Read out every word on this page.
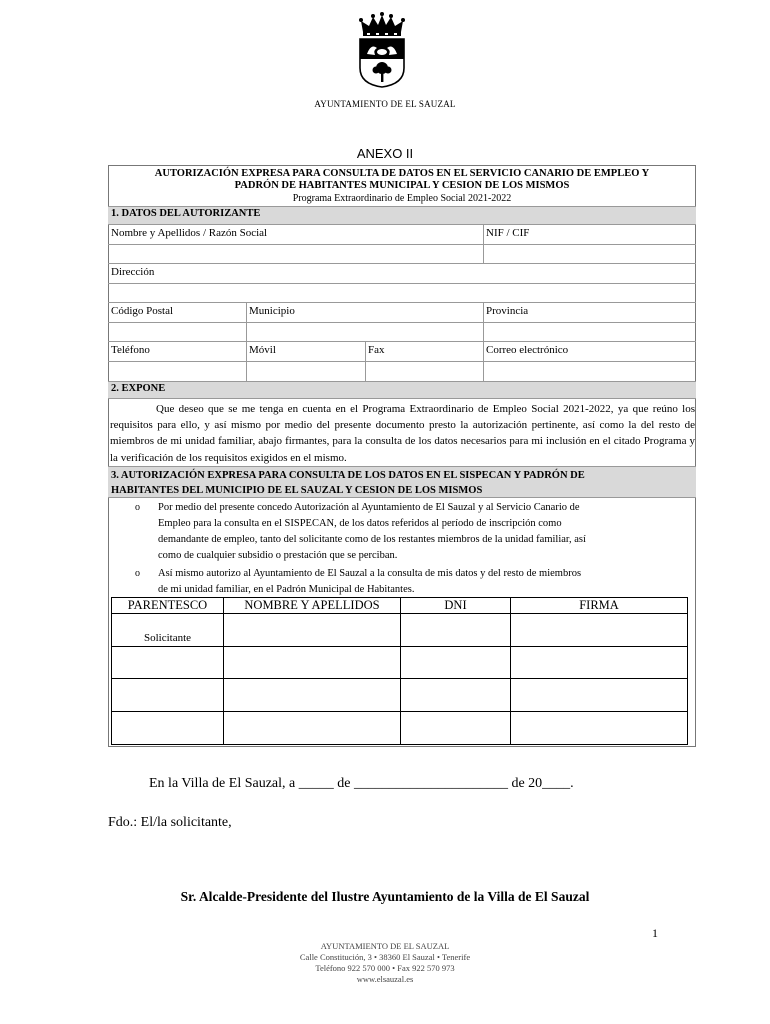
AYUNTAMIENTO DE EL SAUZAL
ANEXO II
AUTORIZACIÓN EXPRESA PARA CONSULTA DE DATOS EN EL SERVICIO CANARIO DE EMPLEO Y
PADRÓN DE HABITANTES MUNICIPAL Y CESION DE LOS MISMOS
Programa Extraordinario de Empleo Social 2021-2022
1. DATOS DEL AUTORIZANTE
Nombre y Apellidos / Razón Social	NIF / CIF
Dirección
Código Postal	Municipio	Provincia
Teléfono	Móvil	Fax	Correo electrónico
2. EXPONE

Que deseo que se me tenga en cuenta en el Programa Extraordinario de Empleo Social 2021-2022, ya que reúno los requisitos para ello, y así mismo por medio del presente documento presto la autorización pertinente, así como la del resto de miembros de mi unidad familiar, abajo firmantes, para la consulta de los datos necesarios para mi inclusión en el citado Programa y la verificación de los requisitos exigidos en el mismo.

3. AUTORIZACIÓN EXPRESA PARA CONSULTA DE LOS DATOS EN EL SISPECAN Y PADRÓN DE
HABITANTES DEL MUNICIPIO DE EL SAUZAL Y CESION DE LOS MISMOS
o Por medio del presente concedo Autorización al Ayuntamiento de El Sauzal y al Servicio Canario de
Empleo para la consulta en el SISPECAN, de los datos referidos al período de inscripción como
demandante de empleo, tanto del solicitante como de los restantes miembros de la unidad familiar, así
como de cualquier subsidio o prestación que se perciban.
o Así mismo autorizo al Ayuntamiento de El Sauzal a la consulta de mis datos y del resto de miembros
de mi unidad familiar, en el Padrón Municipal de Habitantes.
PARENTESCO	NOMBRE Y APELLIDOS	DNI	FIRMA
Solicitante
En la Villa de El Sauzal, a _____ de ______________________ de 20____.
Fdo.: El/la solicitante,
Sr. Alcalde-Presidente del Ilustre Ayuntamiento de la Villa de El Sauzal
1
AYUNTAMIENTO DE EL SAUZAL
Calle Constitución, 3 • 38360 El Sauzal • Tenerife
Teléfono 922 570 000 • Fax 922 570 973
www.elsauzal.es
